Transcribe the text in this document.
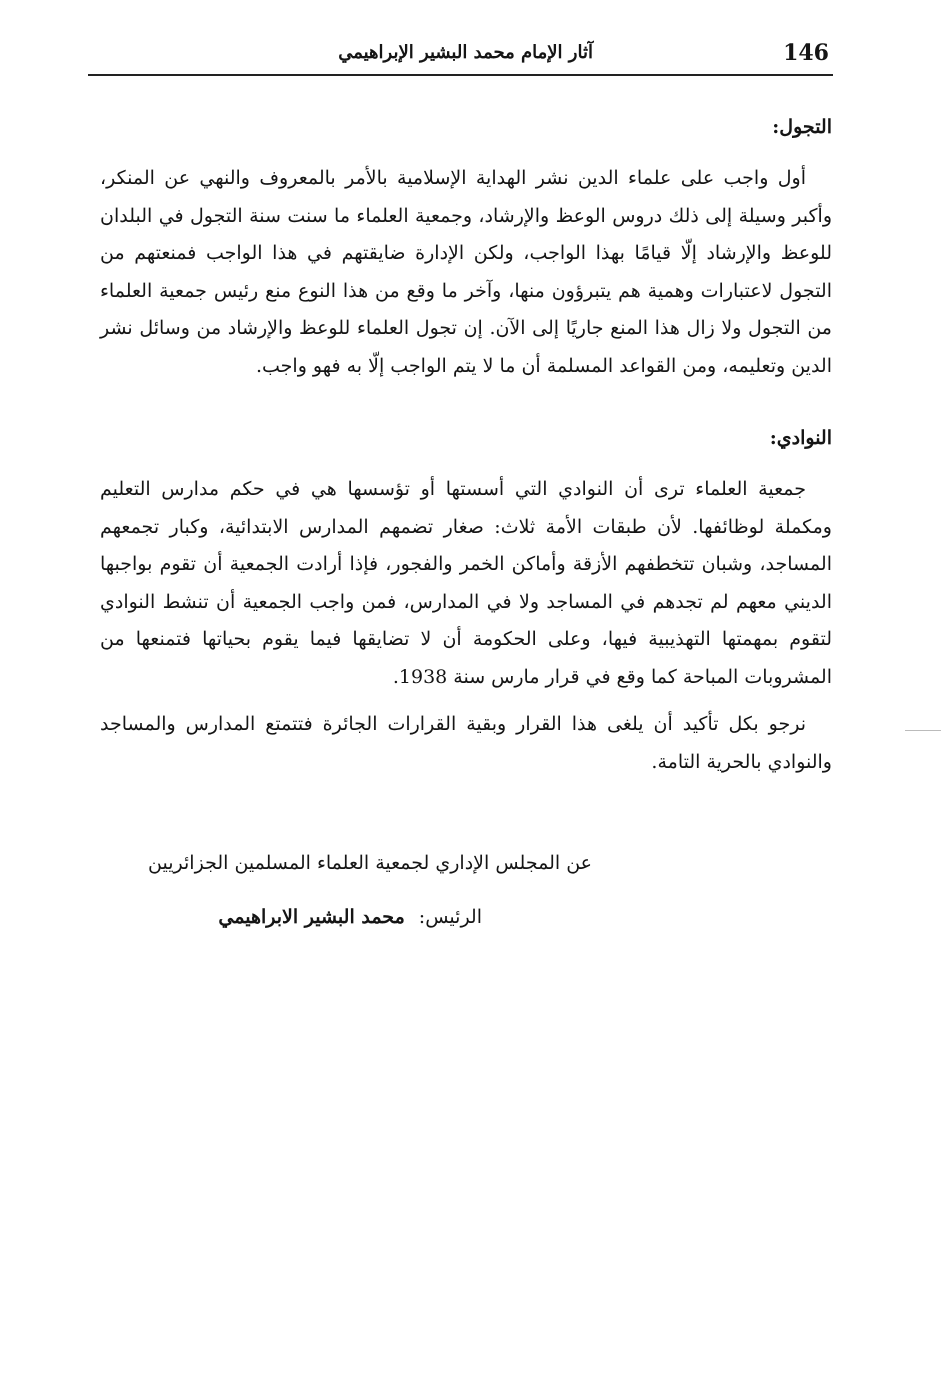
146
آثار الإمام محمد البشير الإبراهيمي
التجول:

أول واجب على علماء الدين نشر الهداية الإسلامية بالأمر بالمعروف والنهي عن المنكر، وأكبر وسيلة إلى ذلك دروس الوعظ والإرشاد، وجمعية العلماء ما سنت سنة التجول في البلدان للوعظ والإرشاد إلّا قيامًا بهذا الواجب، ولكن الإدارة ضايقتهم في هذا الواجب فمنعتهم من التجول لاعتبارات وهمية هم يتبرؤون منها، وآخر ما وقع من هذا النوع منع رئيس جمعية العلماء من التجول ولا زال هذا المنع جاريًا إلى الآن. إن تجول العلماء للوعظ والإرشاد من وسائل نشر الدين وتعليمه، ومن القواعد المسلمة أن ما لا يتم الواجب إلّا به فهو واجب.

النوادي:

جمعية العلماء ترى أن النوادي التي أسستها أو تؤسسها هي في حكم مدارس التعليم ومكملة لوظائفها. لأن طبقات الأمة ثلاث: صغار تضمهم المدارس الابتدائية، وكبار تجمعهم المساجد، وشبان تتخطفهم الأزقة وأماكن الخمر والفجور، فإذا أرادت الجمعية أن تقوم بواجبها الديني معهم لم تجدهم في المساجد ولا في المدارس، فمن واجب الجمعية أن تنشط النوادي لتقوم بمهمتها التهذيبية فيها، وعلى الحكومة أن لا تضايقها فيما يقوم بحياتها فتمنعها من المشروبات المباحة كما وقع في قرار مارس سنة 1938.

نرجو بكل تأكيد أن يلغى هذا القرار وبقية القرارات الجائرة فتتمتع المدارس والمساجد والنوادي بالحرية التامة.

عن المجلس الإداري لجمعية العلماء المسلمين الجزائريين
الرئيس: محمد البشير الابراهيمي
